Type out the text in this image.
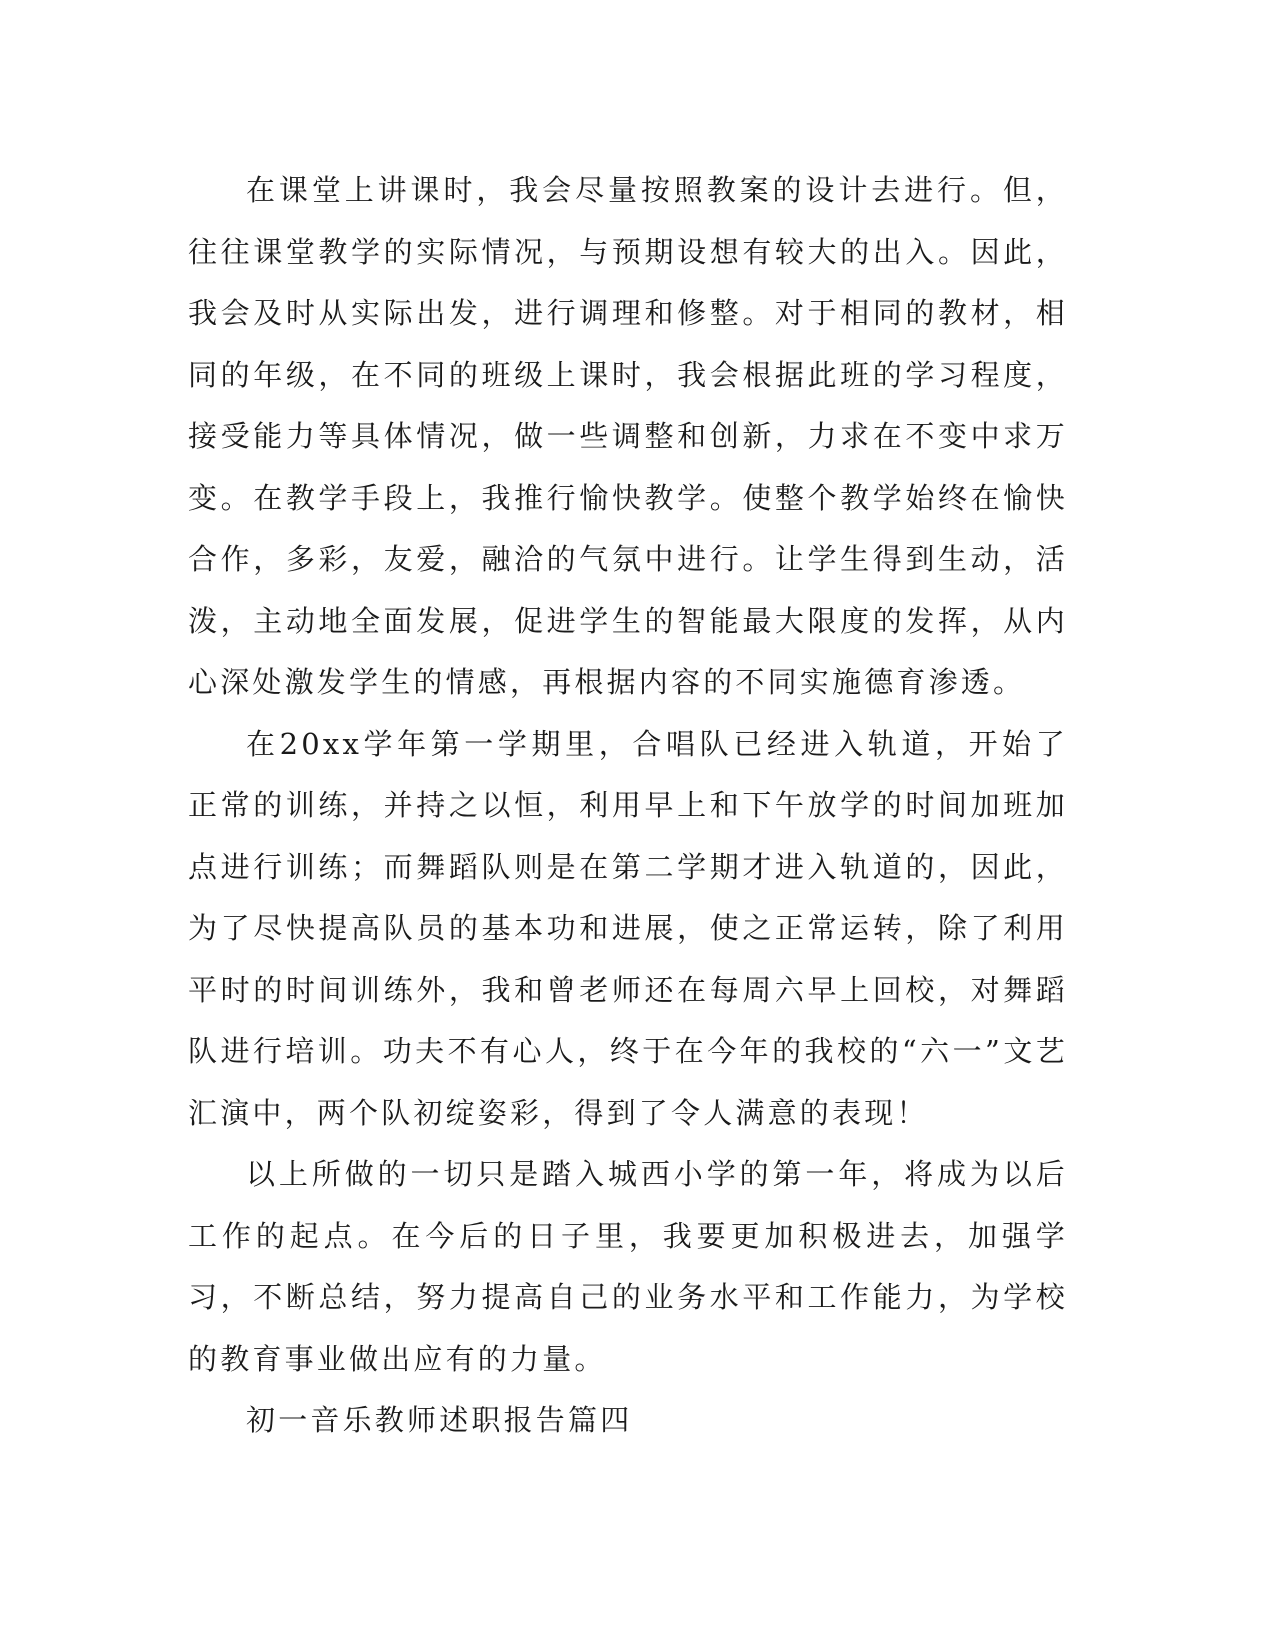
在课堂上讲课时，我会尽量按照教案的设计去进行。但，往往课堂教学的实际情况，与预期设想有较大的出入。因此，我会及时从实际出发，进行调理和修整。对于相同的教材，相同的年级，在不同的班级上课时，我会根据此班的学习程度，接受能力等具体情况，做一些调整和创新，力求在不变中求万变。在教学手段上，我推行愉快教学。使整个教学始终在愉快合作，多彩，友爱，融洽的气氛中进行。让学生得到生动，活泼，主动地全面发展，促进学生的智能最大限度的发挥，从内心深处激发学生的情感，再根据内容的不同实施德育渗透。

在20xx学年第一学期里，合唱队已经进入轨道，开始了正常的训练，并持之以恒，利用早上和下午放学的时间加班加点进行训练；而舞蹈队则是在第二学期才进入轨道的，因此，为了尽快提高队员的基本功和进展，使之正常运转，除了利用平时的时间训练外，我和曾老师还在每周六早上回校，对舞蹈队进行培训。功夫不有心人，终于在今年的我校的“六一”文艺汇演中，两个队初绽姿彩，得到了令人满意的表现！

以上所做的一切只是踏入城西小学的第一年，将成为以后工作的起点。在今后的日子里，我要更加积极进去，加强学习，不断总结，努力提高自己的业务水平和工作能力，为学校的教育事业做出应有的力量。

初一音乐教师述职报告篇四
